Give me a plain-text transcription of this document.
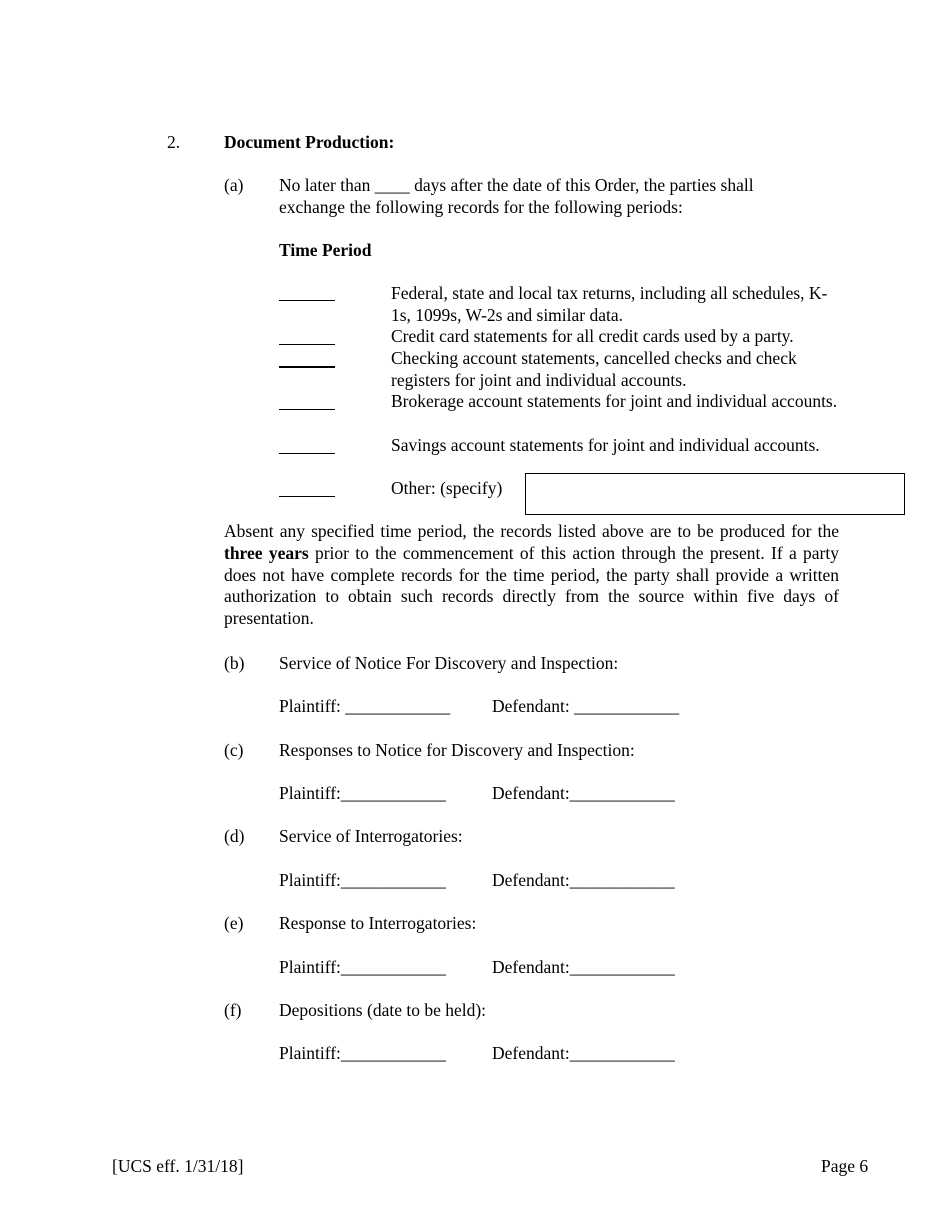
2.	Document Production:
(a) No later than ____ days after the date of this Order, the parties shall
exchange the following records for the following periods:
Time Period
Federal, state and local tax returns, including all schedules, K-1s, 1099s, W-2s and similar data.
Credit card statements for all credit cards used by a party.
Checking account statements, cancelled checks and check registers for joint and individual accounts.
Brokerage account statements for joint and individual accounts.
Savings account statements for joint and individual accounts.
Other: (specify)
Absent any specified time period, the records listed above are to be produced for the three years prior to the commencement of this action through the present. If a party does not have complete records for the time period, the party shall provide a written authorization to obtain such records directly from the source within five days of presentation.
(b) Service of Notice For Discovery and Inspection:
Plaintiff: ____________ Defendant: ____________
(c) Responses to Notice for Discovery and Inspection:
Plaintiff:____________	Defendant:____________
(d) Service of Interrogatories:
Plaintiff:____________	Defendant:____________
(e) Response to Interrogatories:
Plaintiff:____________	Defendant:____________
(f) Depositions (date to be held):
Plaintiff:____________	Defendant:____________
[UCS eff. 1/31/18]	Page 6
